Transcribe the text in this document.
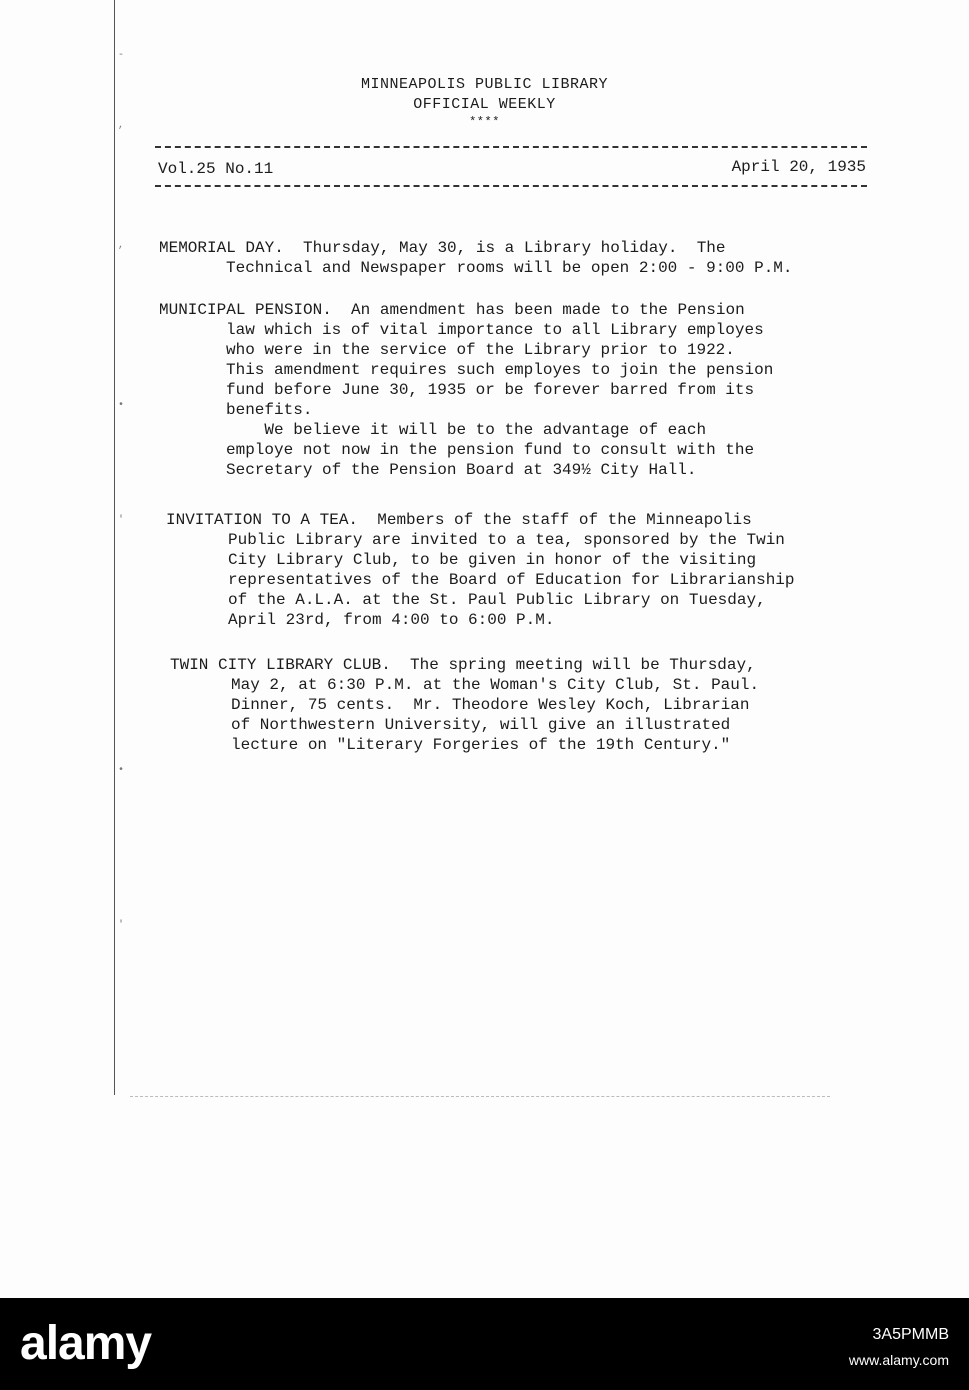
-
,
,
•
'
•
'
MINNEAPOLIS PUBLIC LIBRARY
OFFICIAL WEEKLY
****
Vol.25 No.11	April 20, 1935
MEMORIAL DAY.  Thursday, May 30, is a Library holiday.  The
Technical and Newspaper rooms will be open 2:00 - 9:00 P.M.
MUNICIPAL PENSION.  An amendment has been made to the Pension
law which is of vital importance to all Library employes
who were in the service of the Library prior to 1922.
This amendment requires such employes to join the pension
fund before June 30, 1935 or be forever barred from its
benefits.
We believe it will be to the advantage of each
employe not now in the pension fund to consult with the
Secretary of the Pension Board at 349½ City Hall.
INVITATION TO A TEA.  Members of the staff of the Minneapolis
Public Library are invited to a tea, sponsored by the Twin
City Library Club, to be given in honor of the visiting
representatives of the Board of Education for Librarianship
of the A.L.A. at the St. Paul Public Library on Tuesday,
April 23rd, from 4:00 to 6:00 P.M.
TWIN CITY LIBRARY CLUB.  The spring meeting will be Thursday,
May 2, at 6:30 P.M. at the Woman's City Club, St. Paul.
Dinner, 75 cents.  Mr. Theodore Wesley Koch, Librarian
of Northwestern University, will give an illustrated
lecture on "Literary Forgeries of the 19th Century."
alamy	3A5PMMB
www.alamy.com
